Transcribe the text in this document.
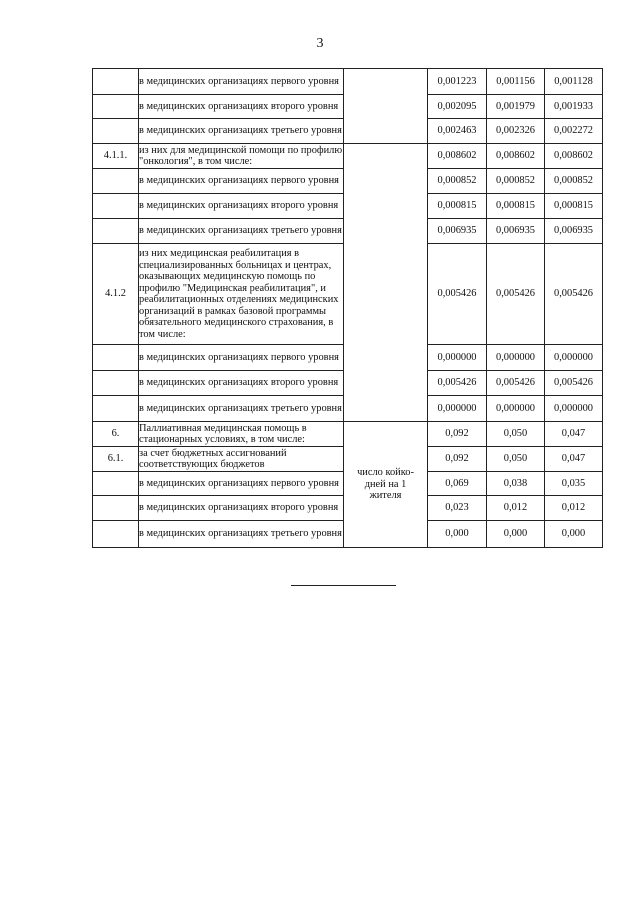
3
	в медицинских организациях первого уровня		0,001223	0,001156	0,001128
	в медицинских организациях второго уровня		0,002095	0,001979	0,001933
	в медицинских организациях третьего уровня		0,002463	0,002326	0,002272
4.1.1.	из них для медицинской помощи по профилю "онкология", в том числе:		0,008602	0,008602	0,008602
	в медицинских организациях первого уровня		0,000852	0,000852	0,000852
	в медицинских организациях второго уровня		0,000815	0,000815	0,000815
	в медицинских организациях третьего уровня		0,006935	0,006935	0,006935
4.1.2	из них медицинская реабилитация в специализированных больницах и центрах, оказывающих медицинскую помощь по профилю "Медицинская реабилитация", и реабилитационных отделениях медицинских организаций в рамках базовой программы обязательного медицинского страхования, в том числе:		0,005426	0,005426	0,005426
	в медицинских организациях первого уровня		0,000000	0,000000	0,000000
	в медицинских организациях второго уровня		0,005426	0,005426	0,005426
	в медицинских организациях третьего уровня		0,000000	0,000000	0,000000
6.	Паллиативная медицинская помощь в стационарных условиях, в том числе:	число койко-дней на 1 жителя	0,092	0,050	0,047
6.1.	за счет бюджетных ассигнований соответствующих бюджетов		0,092	0,050	0,047
	в медицинских организациях первого уровня		0,069	0,038	0,035
	в медицинских организациях второго уровня		0,023	0,012	0,012
	в медицинских организациях третьего уровня		0,000	0,000	0,000
